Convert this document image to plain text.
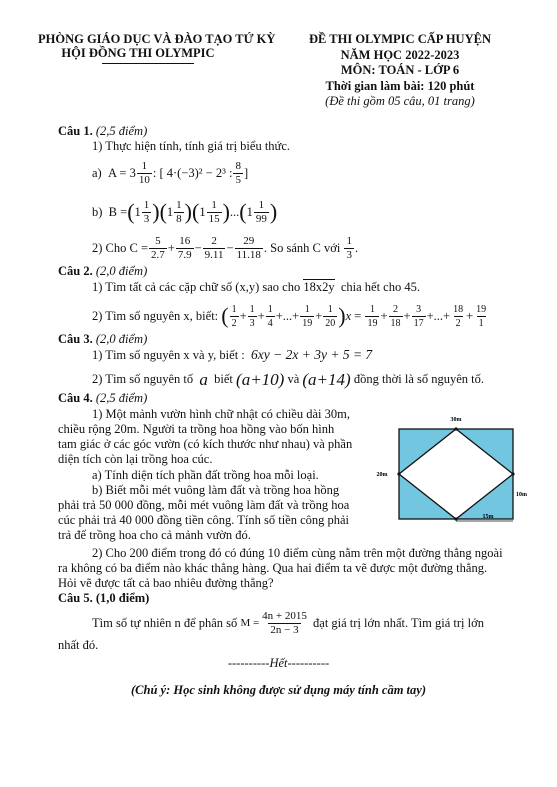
PHÒNG GIÁO DỤC VÀ ĐÀO TẠO TỨ KỲ
HỘI ĐỒNG THI OLYMPIC
ĐỀ THI OLYMPIC CẤP HUYỆN
NĂM HỌC 2022-2023
MÔN: TOÁN - LỚP 6
Thời gian làm bài: 120 phút
(Đề thi gồm 05 câu, 01 trang)
Câu 1. (2,5 điểm)
1) Thực hiện tính, tính giá trị biểu thức.
a)
$A = 3 \frac{1}{10}$ : [ 4·(−3)² − 2³ : $\frac{8}{5}$ ]
b)
B = ( $1 \frac{1}{3}$ ) ( $1 \frac{1}{8}$ ) ( $1 \frac{1}{15}$ ) ... ( $1 \frac{1}{99}$ )
2) Cho $C = \frac{5}{2.7} + \frac{16}{7.9} - \frac{2}{9.11} - \frac{29}{11.18}$ . So sánh C với
$\frac{1}{3}$ .
Câu 2. (2,0 điểm)
1) Tìm tất cả các cặp chữ số (x,y) sao cho 18x2y chia hết cho 45.
2) Tìm số nguyên x, biết:
( $\frac{1}{2} + \frac{1}{3} + \frac{1}{4}$ +...+ $\frac{1}{19} + \frac{1}{20}$ ) $x = \frac{1}{19} + \frac{2}{18} + \frac{3}{17}$ +...+ $\frac{18}{2} + \frac{19}{1}$
Câu 3. (2,0 điểm)
1) Tìm số nguyên x và y, biết : 6xy − 2x + 3y + 5 = 7
2) Tìm số nguyên tố
a
biết
(a+10)
và
(a+14)
đồng thời là số nguyên tố.
Câu 4. (2,5 điểm)
1) Một mảnh vườn hình chữ nhật có chiều dài 30m,
chiều rộng 20m. Người ta trồng hoa hồng vào bốn hình
tam giác ở các góc vườn (có kích thước như nhau) và phần
diện tích còn lại trồng hoa cúc.
a) Tính diện tích phần đất trồng hoa mỗi loại.
b) Biết mỗi mét vuông làm đất và trồng hoa hồng
phải trả 50 000 đồng, mỗi mét vuông làm đất và trồng hoa
cúc phải trả 40 000 đồng tiền công. Tính số tiền công phải
trả để trồng hoa cho cả mảnh vườn đó.
2) Cho 200 điểm trong đó có đúng 10 điểm cùng nằm trên một đường thẳng ngoài
ra không có ba điểm nào khác thẳng hàng. Qua hai điểm ta vẽ được một đường thẳng.
Hỏi vẽ được tất cả bao nhiêu đường thẳng?
30m
20m
10m
15m
Câu 5. (1,0 điểm)
Tìm số tự nhiên n để phân số
$M = \frac{4n + 2015}{2n - 3}$
đạt giá trị lớn nhất. Tìm giá trị lớn
nhất đó.
----------Hết----------
(Chú ý: Học sinh không được sử dụng máy tính cầm tay)
